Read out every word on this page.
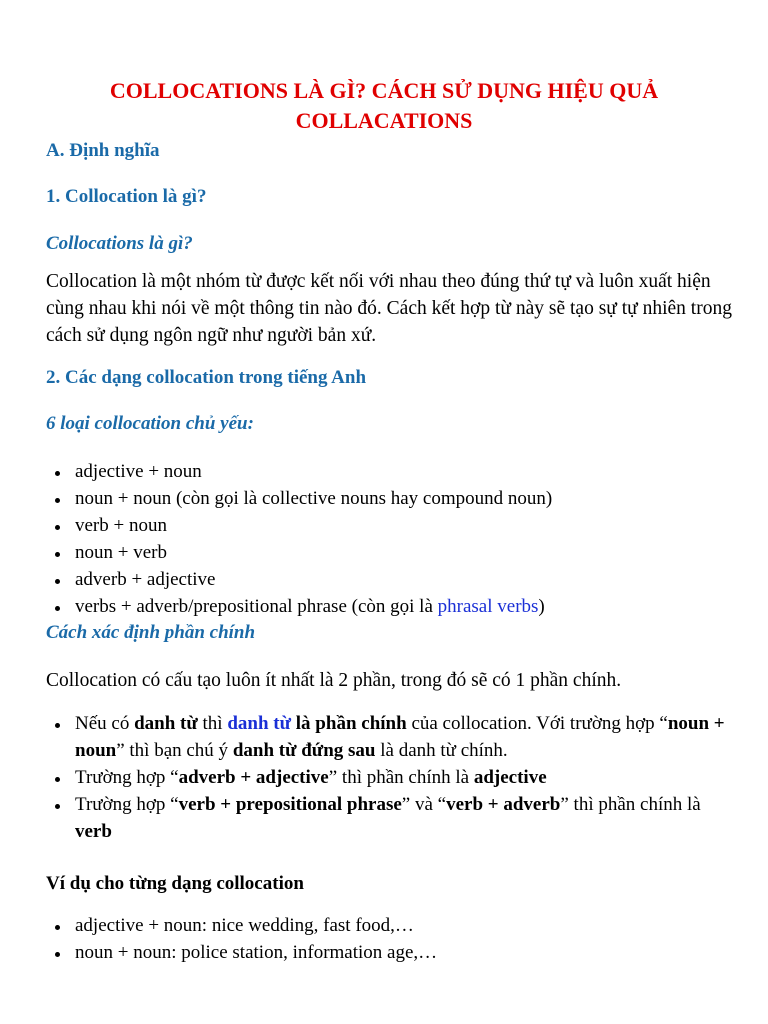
COLLOCATIONS LÀ GÌ? CÁCH SỬ DỤNG HIỆU QUẢ COLLACATIONS
A. Định nghĩa
1. Collocation là gì?
Collocations là gì?

Collocation là một nhóm từ được kết nối với nhau theo đúng thứ tự và luôn xuất hiện cùng nhau khi nói về một thông tin nào đó. Cách kết hợp từ này sẽ tạo sự tự nhiên trong cách sử dụng ngôn ngữ như người bản xứ.

2. Các dạng collocation trong tiếng Anh
6 loại collocation chủ yếu:
adjective + noun
noun + noun (còn gọi là collective nouns hay compound noun)
verb + noun
noun + verb
adverb + adjective
verbs + adverb/prepositional phrase (còn gọi là phrasal verbs)
Cách xác định phần chính

Collocation có cấu tạo luôn ít nhất là 2 phần, trong đó sẽ có 1 phần chính.

Nếu có danh từ thì danh từ là phần chính của collocation. Với trường hợp “noun + noun” thì bạn chú ý danh từ đứng sau là danh từ chính.
Trường hợp “adverb + adjective” thì phần chính là adjective
Trường hợp “verb + prepositional phrase” và “verb + adverb” thì phần chính là verb
Ví dụ cho từng dạng collocation
adjective + noun: nice wedding, fast food,…
noun + noun: police station, information age,…
